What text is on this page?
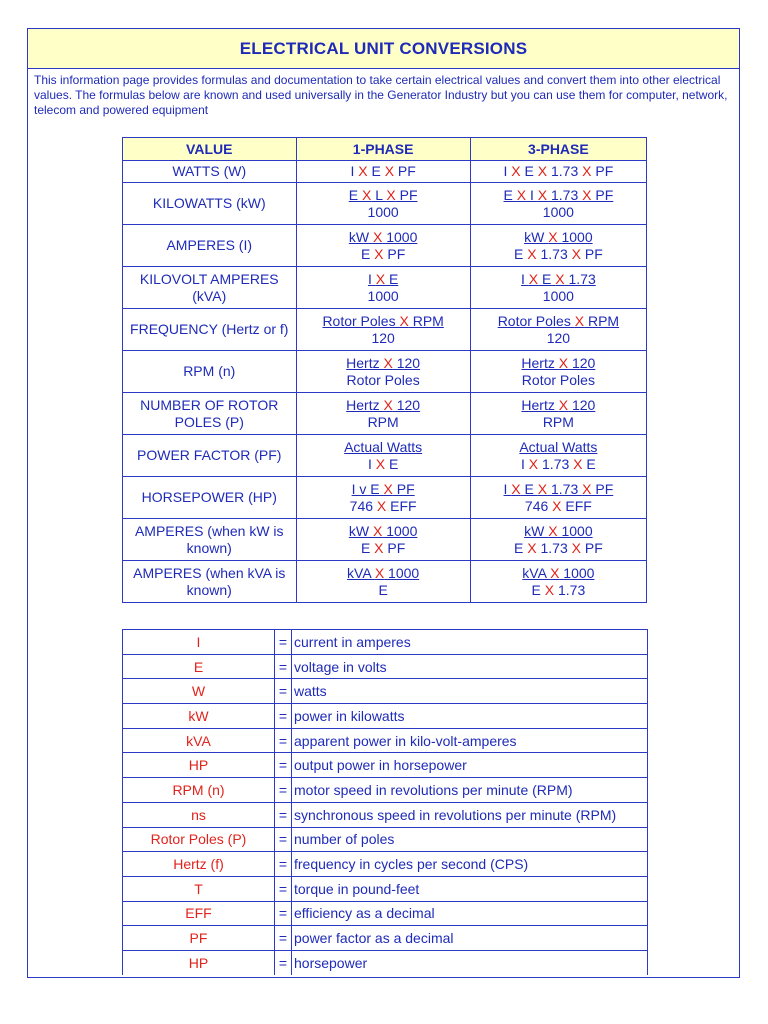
ELECTRICAL UNIT CONVERSIONS
This information page provides formulas and documentation to take certain electrical values and convert them into other electrical values. The formulas below are known and used universally in the Generator Industry but you can use them for computer, network, telecom and powered equipment
VALUE	1-PHASE	3-PHASE
WATTS (W)	I X E X PF	I X E X 1.73 X PF
KILOWATTS (kW)	$\frac{\text{E X L X PF}}{1000}$	$\frac{\text{E X I X 1.73 X PF}}{1000}$

AMPERES (I)	$\frac{\text{kW X 1000}}{\text{E X PF}}$	$\frac{\text{kW X 1000}}{\text{E X 1.73 X PF}}$

KILOVOLT AMPERES (kVA)	$\frac{\text{I X E}}{1000}$	$\frac{\text{I X E X 1.73}}{1000}$

FREQUENCY (Hertz or f)	$\frac{\text{Rotor Poles X RPM}}{120}$	$\frac{\text{Rotor Poles X RPM}}{120}$

RPM (n)	$\frac{\text{Hertz X 120}}{\text{Rotor Poles}}$	$\frac{\text{Hertz X 120}}{\text{Rotor Poles}}$

NUMBER OF ROTOR POLES (P)	$\frac{\text{Hertz X 120}}{\text{RPM}}$	$\frac{\text{Hertz X 120}}{\text{RPM}}$

POWER FACTOR (PF)	$\frac{\text{Actual Watts}}{\text{I X E}}$	$\frac{\text{Actual Watts}}{\text{I X 1.73 X E}}$

HORSEPOWER (HP)	$\frac{\text{I v E X PF}}{\text{746 X EFF}}$	$\frac{\text{I X E X 1.73 X PF}}{\text{746 X EFF}}$

AMPERES (when kW is known)	$\frac{\text{kW X 1000}}{\text{E X PF}}$	$\frac{\text{kW X 1000}}{\text{E X 1.73 X PF}}$

AMPERES (when kVA is known)	$\frac{\text{kVA X 1000}}{E}$	$\frac{\text{kVA X 1000}}{\text{E X 1.73}}$
I	=	current in amperes
E	=	voltage in volts
W	=	watts
kW	=	power in kilowatts
kVA	=	apparent power in kilo-volt-amperes
HP	=	output power in horsepower
RPM (n)	=	motor speed in revolutions per minute (RPM)
ns	=	synchronous speed in revolutions per minute (RPM)
Rotor Poles (P)	=	number of poles
Hertz (f)	=	frequency in cycles per second (CPS)
T	=	torque in pound-feet
EFF	=	efficiency as a decimal
PF	=	power factor as a decimal
HP	=	horsepower
